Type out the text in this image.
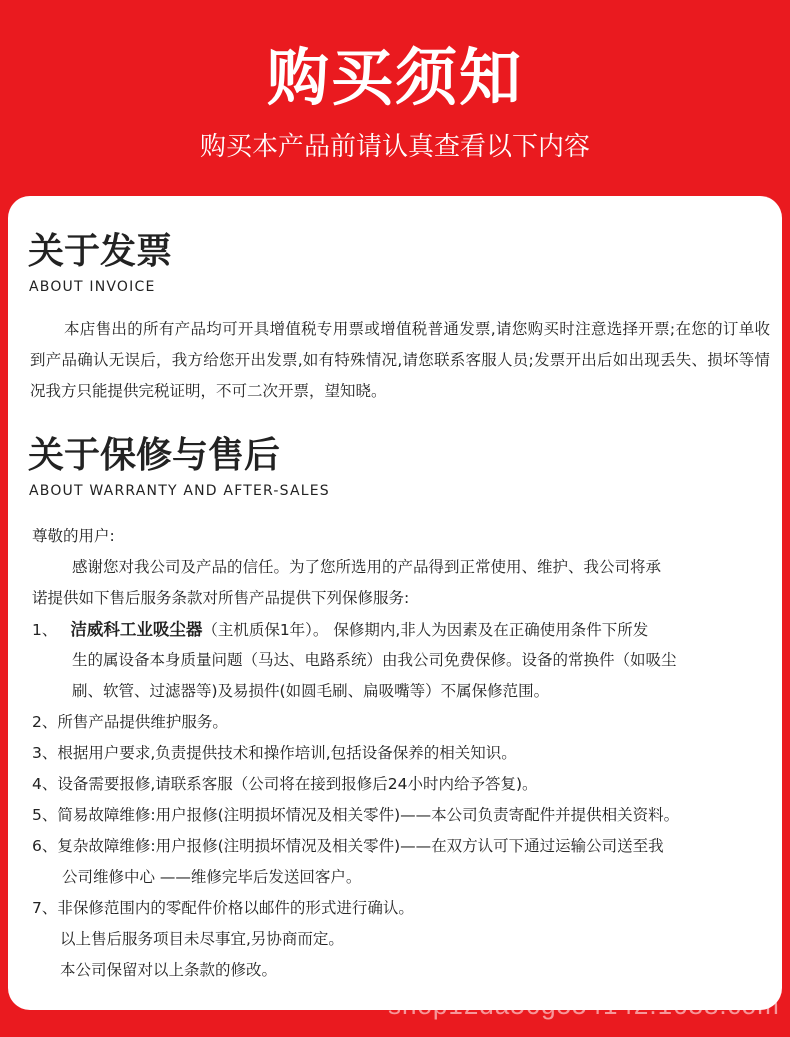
购买须知
购买本产品前请认真查看以下内容
关于发票
ABOUT INVOICE
本店售出的所有产品均可开具增值税专用票或增值税普通发票,请您购买时注意选择开票;在您的订单收到产品确认无误后，我方给您开出发票,如有特殊情况,请您联系客服人员;发票开出后如出现丢失、损坏等情况我方只能提供完税证明，不可二次开票，望知晓。
关于保修与售后
ABOUT WARRANTY AND AFTER-SALES
尊敬的用户:
感谢您对我公司及产品的信任。为了您所选用的产品得到正常使用、维护、我公司将承
诺提供如下售后服务条款对所售产品提供下列保修服务:
1、 洁威科工业吸尘器（主机质保1年）。 保修期内,非人为因素及在正确使用条件下所发
生的属设备本身质量问题（马达、电路系统）由我公司免费保修。设备的常换件（如吸尘
刷、软管、过滤器等)及易损件(如圆毛刷、扁吸嘴等）不属保修范围。
2、所售产品提供维护服务。
3、根据用户要求,负责提供技术和操作培训,包括设备保养的相关知识。
4、设备需要报修,请联系客服（公司将在接到报修后24小时内给予答复)。
5、简易故障维修:用户报修(注明损坏情况及相关零件)——本公司负责寄配件并提供相关资料。
6、复杂故障维修:用户报修(注明损坏情况及相关零件)——在双方认可下通过运输公司送至我
公司维修中心 ——维修完毕后发送回客户。
7、非保修范围内的零配件价格以邮件的形式进行确认。
以上售后服务项目未尽事宜,另协商而定。
本公司保留对以上条款的修改。
shop12da56g554142.1688.com
